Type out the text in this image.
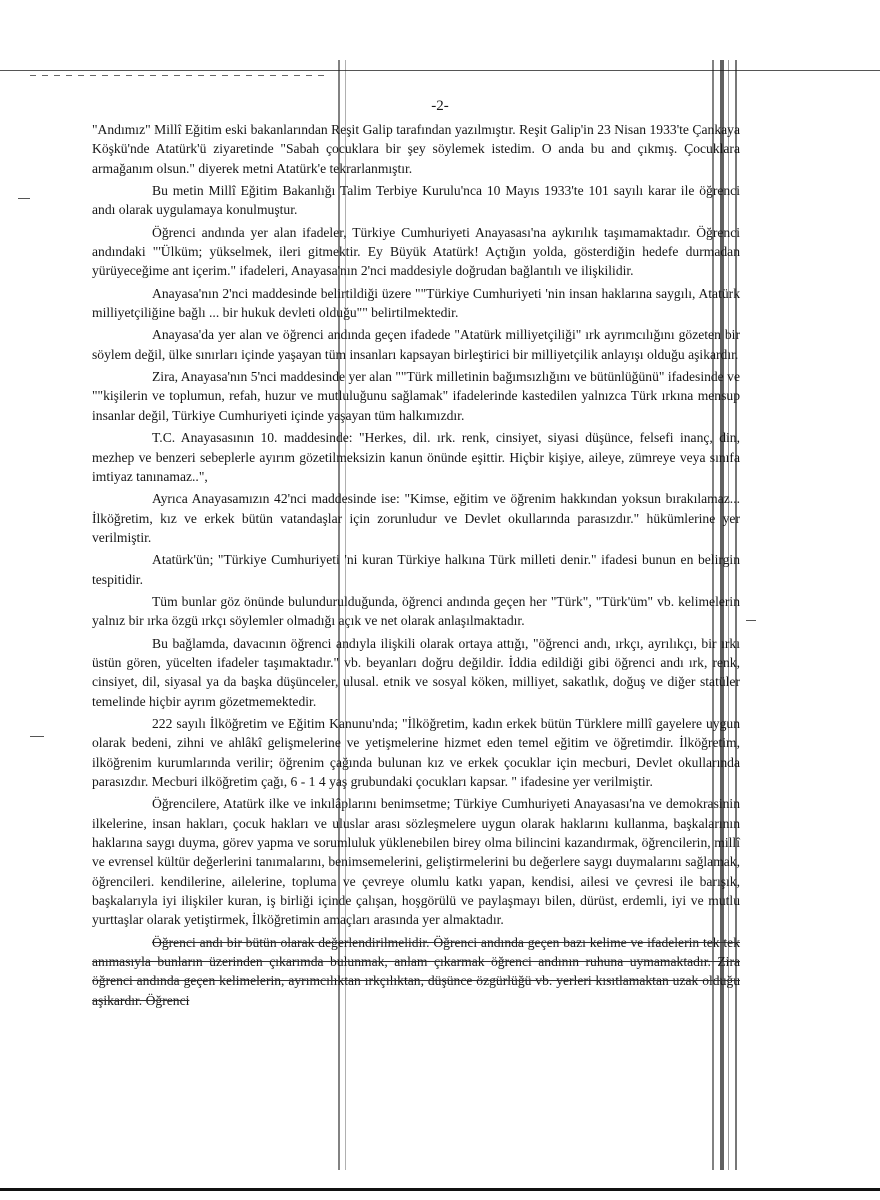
-2-

"Andımız" Millî Eğitim eski bakanlarından Reşit Galip tarafından yazılmıştır. Reşit Galip'in 23 Nisan 1933'te Çankaya Köşkü'nde Atatürk'ü ziyaretinde "Sabah çocuklara bir şey söylemek istedim. O anda bu and çıkmış. Çocuklara armağanım olsun." diyerek metni Atatürk'e tekrarlanmıştır.

Bu metin Millî Eğitim Bakanlığı Talim Terbiye Kurulu'nca 10 Mayıs 1933'te 101 sayılı karar ile öğrenci andı olarak uygulamaya konulmuştur.

Öğrenci andında yer alan ifadeler, Türkiye Cumhuriyeti Anayasası'na aykırılık taşımamaktadır. Öğrenci andındaki "'Ülküm; yükselmek, ileri gitmektir. Ey Büyük Atatürk! Açtığın yolda, gösterdiğin hedefe durmadan yürüyeceğime ant içerim." ifadeleri, Anayasa'nın 2'nci maddesiyle doğrudan bağlantılı ve ilişkilidir.

Anayasa'nın 2'nci maddesinde belirtildiği üzere ""Türkiye Cumhuriyeti 'nin insan haklarına saygılı, Atatürk milliyetçiliğine bağlı ... bir hukuk devleti olduğu"" belirtilmektedir.

Anayasa'da yer alan ve öğrenci andında geçen ifadede "Atatürk milliyetçiliği" ırk ayrımcılığını gözeten bir söylem değil, ülke sınırları içinde yaşayan tüm insanları kapsayan birleştirici bir milliyetçilik anlayışı olduğu aşikardır.

Zira, Anayasa'nın 5'nci maddesinde yer alan ""Türk milletinin bağımsızlığını ve bütünlüğünü" ifadesinde ve ""kişilerin ve toplumun, refah, huzur ve mutluluğunu sağlamak" ifadelerinde kastedilen yalnızca Türk ırkına mensup insanlar değil, Türkiye Cumhuriyeti içinde yaşayan tüm halkımızdır.

T.C. Anayasasının 10. maddesinde: "Herkes, dil. ırk. renk, cinsiyet, siyasi düşünce, felsefi inanç, din, mezhep ve benzeri sebeplerle ayırım gözetilmeksizin kanun önünde eşittir. Hiçbir kişiye, aileye, zümreye veya sınıfa imtiyaz tanınamaz..",

Ayrıca Anayasamızın 42'nci maddesinde ise: "Kimse, eğitim ve öğrenim hakkından yoksun bırakılamaz... İlköğretim, kız ve erkek bütün vatandaşlar için zorunludur ve Devlet okullarında parasızdır." hükümlerine yer verilmiştir.

Atatürk'ün; "Türkiye Cumhuriyeti 'ni kuran Türkiye halkına Türk milleti denir." ifadesi bunun en belirgin tespitidir.

Tüm bunlar göz önünde bulundurulduğunda, öğrenci andında geçen her "Türk", "Türk'üm" vb. kelimelerin yalnız bir ırka özgü ırkçı söylemler olmadığı açık ve net olarak anlaşılmaktadır.

Bu bağlamda, davacının öğrenci andıyla ilişkili olarak ortaya attığı, "öğrenci andı, ırkçı, ayrılıkçı, bir ırkı üstün gören, yücelten ifadeler taşımaktadır." vb. beyanları doğru değildir. İddia edildiği gibi öğrenci andı ırk, renk, cinsiyet, dil, siyasal ya da başka düşünceler, ulusal. etnik ve sosyal köken, milliyet, sakatlık, doğuş ve diğer statüler temelinde hiçbir ayrım gözetmemektedir.

222 sayılı İlköğretim ve Eğitim Kanunu'nda; "İlköğretim, kadın erkek bütün Türklere millî gayelere uygun olarak bedeni, zihni ve ahlâkî gelişmelerine ve yetişmelerine hizmet eden temel eğitim ve öğretimdir. İlköğretim, ilköğrenim kurumlarında verilir; öğrenim çağında bulunan kız ve erkek çocuklar için mecburi, Devlet okullarında parasızdır. Mecburi ilköğretim çağı, 6 - 1 4 yaş grubundaki çocukları kapsar. " ifadesine yer verilmiştir.

Öğrencilere, Atatürk ilke ve inkılâplarını benimsetme; Türkiye Cumhuriyeti Anayasası'na ve demokrasinin ilkelerine, insan hakları, çocuk hakları ve uluslar arası sözleşmelere uygun olarak haklarını kullanma, başkalarının haklarına saygı duyma, görev yapma ve sorumluluk yüklenebilen birey olma bilincini kazandırmak, öğrencilerin, millî ve evrensel kültür değerlerini tanımalarını, benimsemelerini, geliştirmelerini bu değerlere saygı duymalarını sağlamak, öğrencileri. kendilerine, ailelerine, topluma ve çevreye olumlu katkı yapan, kendisi, ailesi ve çevresi ile barışık, başkalarıyla iyi ilişkiler kuran, iş birliği içinde çalışan, hoşgörülü ve paylaşmayı bilen, dürüst, erdemli, iyi ve mutlu yurttaşlar olarak yetiştirmek, İlköğretimin amaçları arasında yer almaktadır.

Öğrenci andı bir bütün olarak değerlendirilmelidir. Öğrenci andında geçen bazı kelime ve ifadelerin tek tek anımasıyla bunların üzerinden çıkarımda bulunmak, anlam çıkarmak öğrenci andının ruhuna uymamaktadır. Zira öğrenci andında geçen kelimelerin, ayrımcılıktan ırkçılıktan, düşünce özgürlüğü vb. yerleri kısıtlamaktan uzak olduğu aşikardır. Öğrenci
